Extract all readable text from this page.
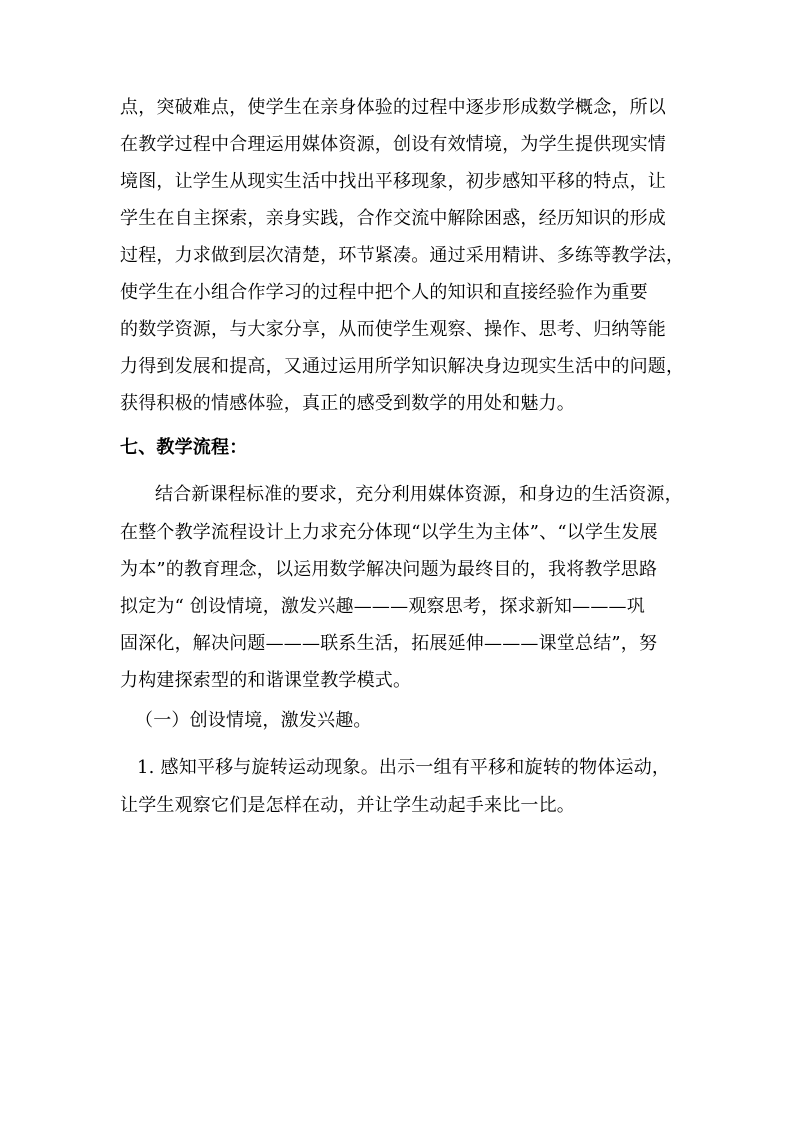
点，突破难点，使学生在亲身体验的过程中逐步形成数学概念，所以
在教学过程中合理运用媒体资源，创设有效情境，为学生提供现实情
境图，让学生从现实生活中找出平移现象，初步感知平移的特点，让
学生在自主探索，亲身实践，合作交流中解除困惑，经历知识的形成
过程，力求做到层次清楚，环节紧凑。通过采用精讲、多练等教学法，
使学生在小组合作学习的过程中把个人的知识和直接经验作为重要
的数学资源，与大家分享，从而使学生观察、操作、思考、归纳等能
力得到发展和提高，又通过运用所学知识解决身边现实生活中的问题，
获得积极的情感体验，真正的感受到数学的用处和魅力。
七、教学流程：
结合新课程标准的要求，充分利用媒体资源，和身边的生活资源，
在整个教学流程设计上力求充分体现“以学生为主体”、“以学生发展
为本”的教育理念，以运用数学解决问题为最终目的，我将教学思路
拟定为“ 创设情境，激发兴趣———观察思考，探求新知———巩
固深化，解决问题———联系生活，拓展延伸———课堂总结”，努
力构建探索型的和谐课堂教学模式。
（一）创设情境，激发兴趣。
1. 感知平移与旋转运动现象。出示一组有平移和旋转的物体运动，
让学生观察它们是怎样在动，并让学生动起手来比一比。
